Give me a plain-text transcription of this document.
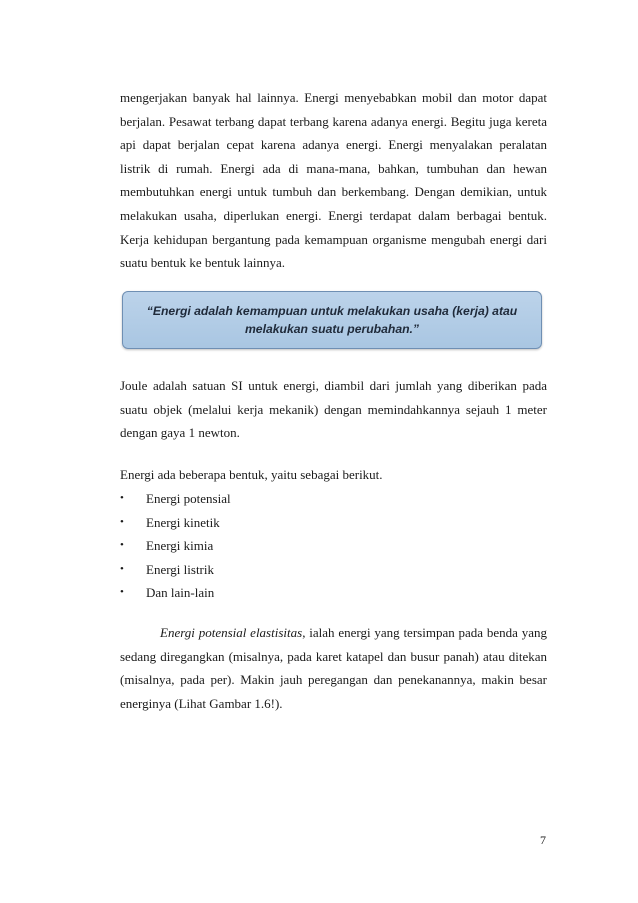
mengerjakan banyak hal lainnya. Energi menyebabkan mobil dan motor dapat berjalan. Pesawat terbang dapat terbang karena adanya energi. Begitu juga kereta api dapat berjalan cepat karena adanya energi. Energi menyalakan peralatan listrik di rumah. Energi ada di mana-mana, bahkan, tumbuhan dan hewan membutuhkan energi untuk tumbuh dan berkembang. Dengan demikian, untuk melakukan usaha, diperlukan energi. Energi terdapat dalam berbagai bentuk. Kerja kehidupan bergantung pada kemampuan organisme mengubah energi dari suatu bentuk ke bentuk lainnya.

“Energi adalah kemampuan untuk melakukan usaha (kerja) atau
melakukan suatu perubahan.”

Joule adalah satuan SI untuk energi, diambil dari jumlah yang diberikan pada suatu objek (melalui kerja mekanik) dengan memindahkannya sejauh 1 meter dengan gaya 1 newton.

Energi ada beberapa bentuk, yaitu sebagai berikut.

•	Energi potensial
•	Energi kinetik
•	Energi kimia
•	Energi listrik
•	Dan lain-lain

Energi potensial elastisitas, ialah energi yang tersimpan pada benda yang sedang diregangkan (misalnya, pada karet katapel dan busur panah) atau ditekan (misalnya, pada per). Makin jauh peregangan dan penekanannya, makin besar energinya (Lihat Gambar 1.6!).

7
